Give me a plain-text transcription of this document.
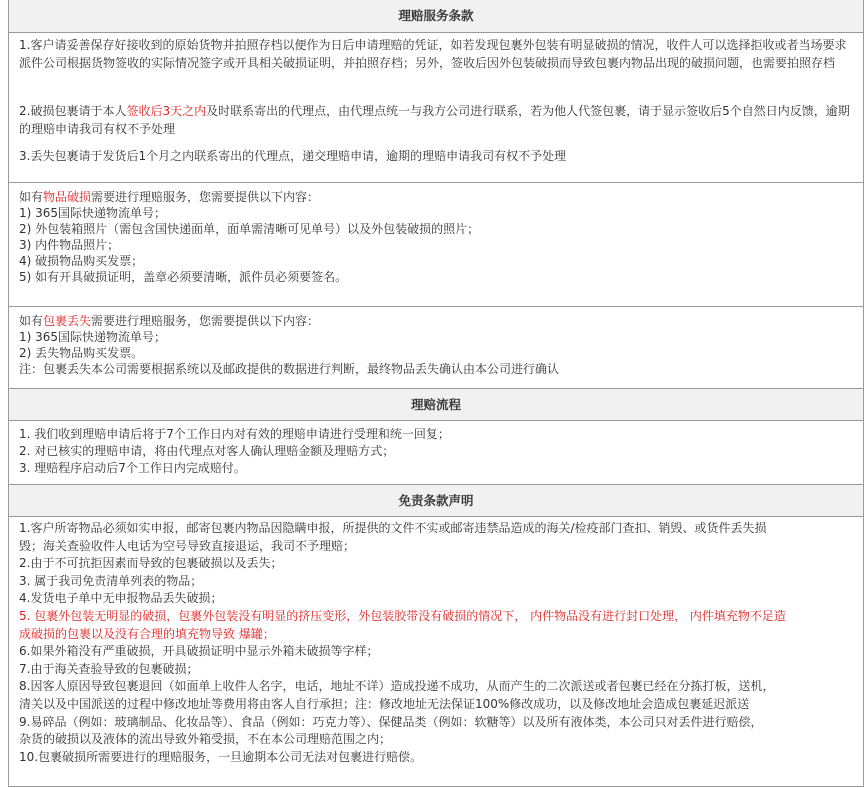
理赔服务条款
1.客户请妥善保存好接收到的原始货物并拍照存档以便作为日后申请理赔的凭证，如若发现包裹外包装有明显破损的情况，收件人可以选择拒收或者当场要求派件公司根据货物签收的实际情况签字或开具相关破损证明，并拍照存档；另外，签收后因外包装破损而导致包裹内物品出现的破损问题，也需要拍照存档
2.破损包裹请于本人签收后3天之内及时联系寄出的代理点，由代理点统一与我方公司进行联系，若为他人代签包裹，请于显示签收后5个自然日内反馈，逾期的理赔申请我司有权不予处理
3.丢失包裹请于发货后1个月之内联系寄出的代理点，递交理赔申请，逾期的理赔申请我司有权不予处理
如有物品破损需要进行理赔服务，您需要提供以下内容：
1) 365国际快递物流单号；
2) 外包装箱照片（需包含国快递面单，面单需清晰可见单号）以及外包装破损的照片；
3) 内件物品照片；
4) 破损物品购买发票；
5) 如有开具破损证明，盖章必须要清晰，派件员必须要签名。
如有包裹丢失需要进行理赔服务，您需要提供以下内容：
1) 365国际快递物流单号；
2) 丢失物品购买发票。
注：包裹丢失本公司需要根据系统以及邮政提供的数据进行判断，最终物品丢失确认由本公司进行确认
理赔流程
1. 我们收到理赔申请后将于7个工作日内对有效的理赔申请进行受理和统一回复；
2. 对已核实的理赔申请，将由代理点对客人确认理赔金额及理赔方式；
3. 理赔程序启动后7个工作日内完成赔付。
免责条款声明
1.客户所寄物品必须如实申报，邮寄包裹内物品因隐瞒申报，所提供的文件不实或邮寄违禁品造成的海关/检疫部门查扣、销毁、或货件丢失损
毁；海关查验收件人电话为空号导致直接退运，我司不予理赔；
2.由于不可抗拒因素而导致的包裹破损以及丢失；
3. 属于我司免责清单列表的物品；
4.发货电子单中无申报物品丢失破损；
5. 包裹外包装无明显的破损，包裹外包装没有明显的挤压变形，外包装胶带没有破损的情况下， 内件物品没有进行封口处理， 内件填充物不足造
成破损的包裹以及没有合理的填充物导致 爆罐；
6.如果外箱没有严重破损，开具破损证明中显示外箱未破损等字样；
7.由于海关查验导致的包裹破损；
8.因客人原因导致包裹退回（如面单上收件人名字，电话，地址不详）造成投递不成功，从而产生的二次派送或者包裹已经在分拣打板，送机，
清关以及中国派送的过程中修改地址等费用将由客人自行承担；注：修改地址无法保证100%修改成功，以及修改地址会造成包裹延迟派送
9.易碎品（例如：玻璃制品、化妆品等）、食品（例如：巧克力等）、保健品类（例如：软糖等）以及所有液体类，本公司只对丢件进行赔偿，
杂货的破损以及液体的流出导致外箱受损，不在本公司理赔范围之内；
10.包裹破损所需要进行的理赔服务，一旦逾期本公司无法对包裹进行赔偿。
